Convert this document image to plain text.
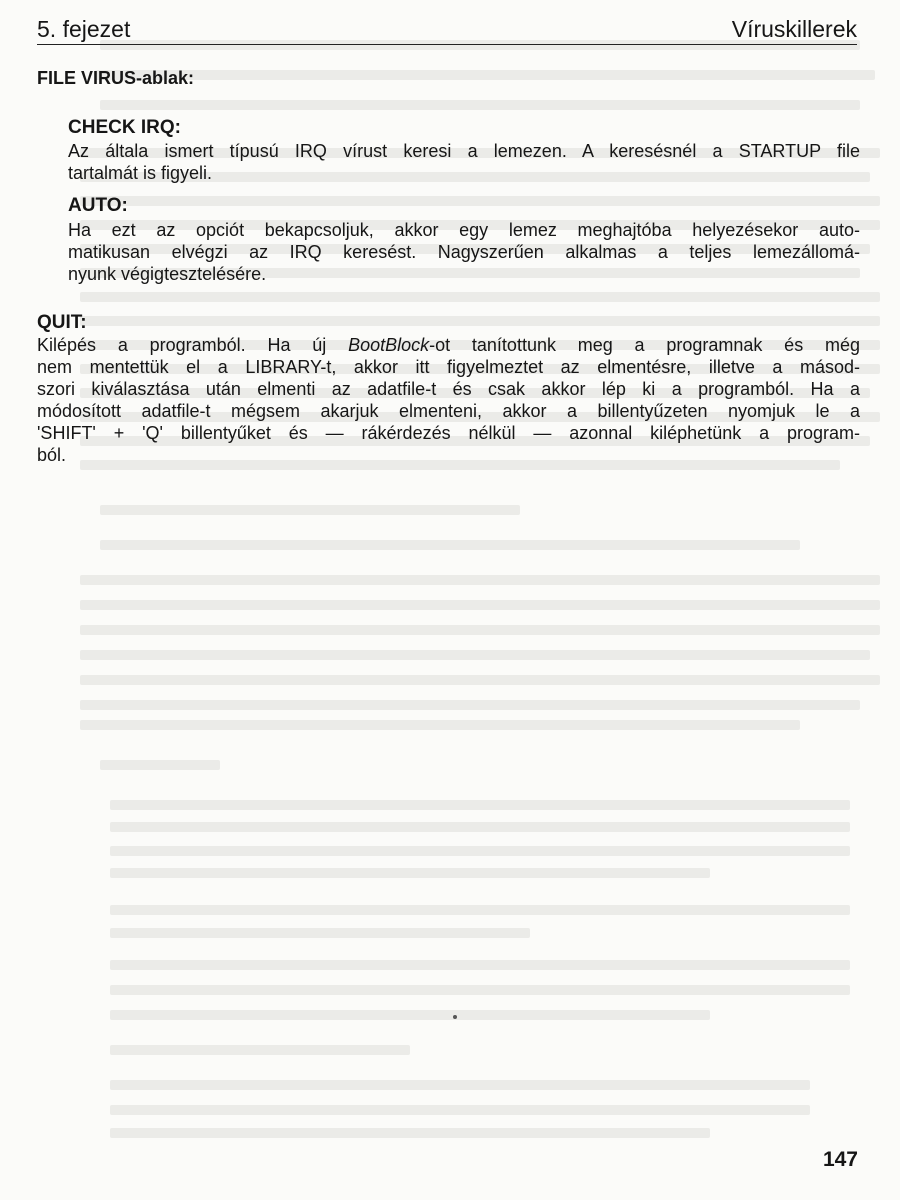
5. fejezet	Víruskillerek
FILE VIRUS-ablak:
CHECK IRQ:
Az általa ismert típusú IRQ vírust keresi a lemezen. A keresésnél a STARTUP file
tartalmát is figyeli.
AUTO:
Ha ezt az opciót bekapcsoljuk, akkor egy lemez meghajtóba helyezésekor auto-
matikusan elvégzi az IRQ keresést. Nagyszerűen alkalmas a teljes lemezállomá-
nyunk végigtesztelésére.
QUIT:
Kilépés a programból. Ha új BootBlock-ot tanítottunk meg a programnak és még
nem mentettük el a LIBRARY-t, akkor itt figyelmeztet az elmentésre, illetve a másod-
szori kiválasztása után elmenti az adatfile-t és csak akkor lép ki a programból. Ha a
módosított adatfile-t mégsem akarjuk elmenteni, akkor a billentyűzeten nyomjuk le a
'SHIFT' + 'Q' billentyűket és — rákérdezés nélkül — azonnal kiléphetünk a program-
ból.
147
